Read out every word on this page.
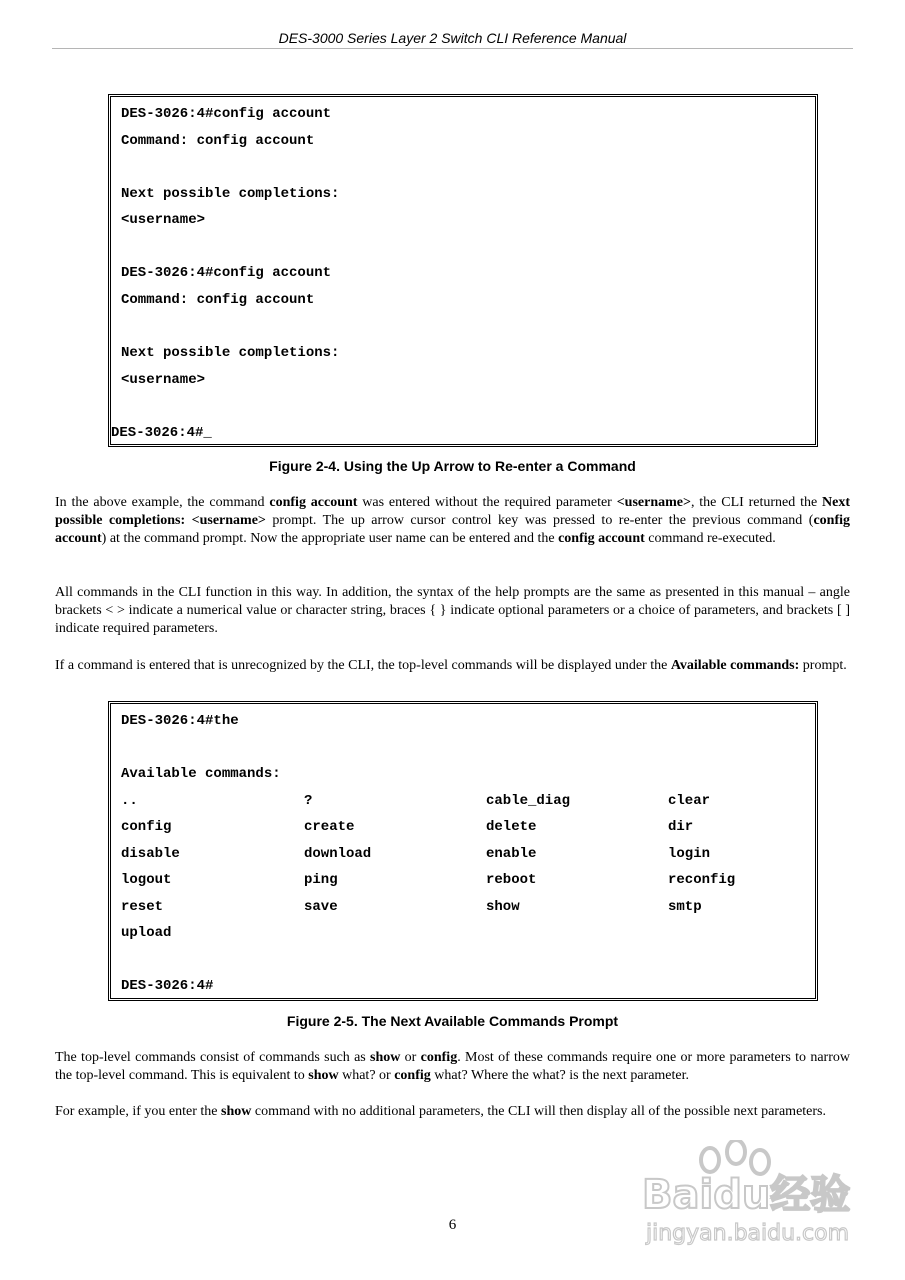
DES-3000 Series Layer 2 Switch CLI Reference Manual
DES-3026:4#config account
Command: config account
Next possible completions:
<username>
DES-3026:4#config account
Command: config account
Next possible completions:
<username>
DES-3026:4#_
Figure 2-4. Using the Up Arrow to Re-enter a Command
In the above example, the command config account was entered without the required parameter <username>, the CLI returned the Next possible completions: <username> prompt. The up arrow cursor control key was pressed to re-enter the previous command (config account) at the command prompt. Now the appropriate user name can be entered and the config account command re-executed.
All commands in the CLI function in this way. In addition, the syntax of the help prompts are the same as presented in this manual – angle brackets < > indicate a numerical value or character string, braces { } indicate optional parameters or a choice of parameters, and brackets [ ] indicate required parameters.
If a command is entered that is unrecognized by the CLI, the top-level commands will be displayed under the Available commands: prompt.
DES-3026:4#the
Available commands:
..	?	cable_diag	clear
config	create	delete	dir
disable	download	enable	login
logout	ping	reboot	reconfig
reset	save	show	smtp
upload
DES-3026:4#
Figure 2-5. The Next Available Commands Prompt
The top-level commands consist of commands such as show or config. Most of these commands require one or more parameters to narrow the top-level command. This is equivalent to show what? or config what? Where the what? is the next parameter.
For example, if you enter the show command with no additional parameters, the CLI will then display all of the possible next parameters.
6
Baidu经验
jingyan.baidu.com
